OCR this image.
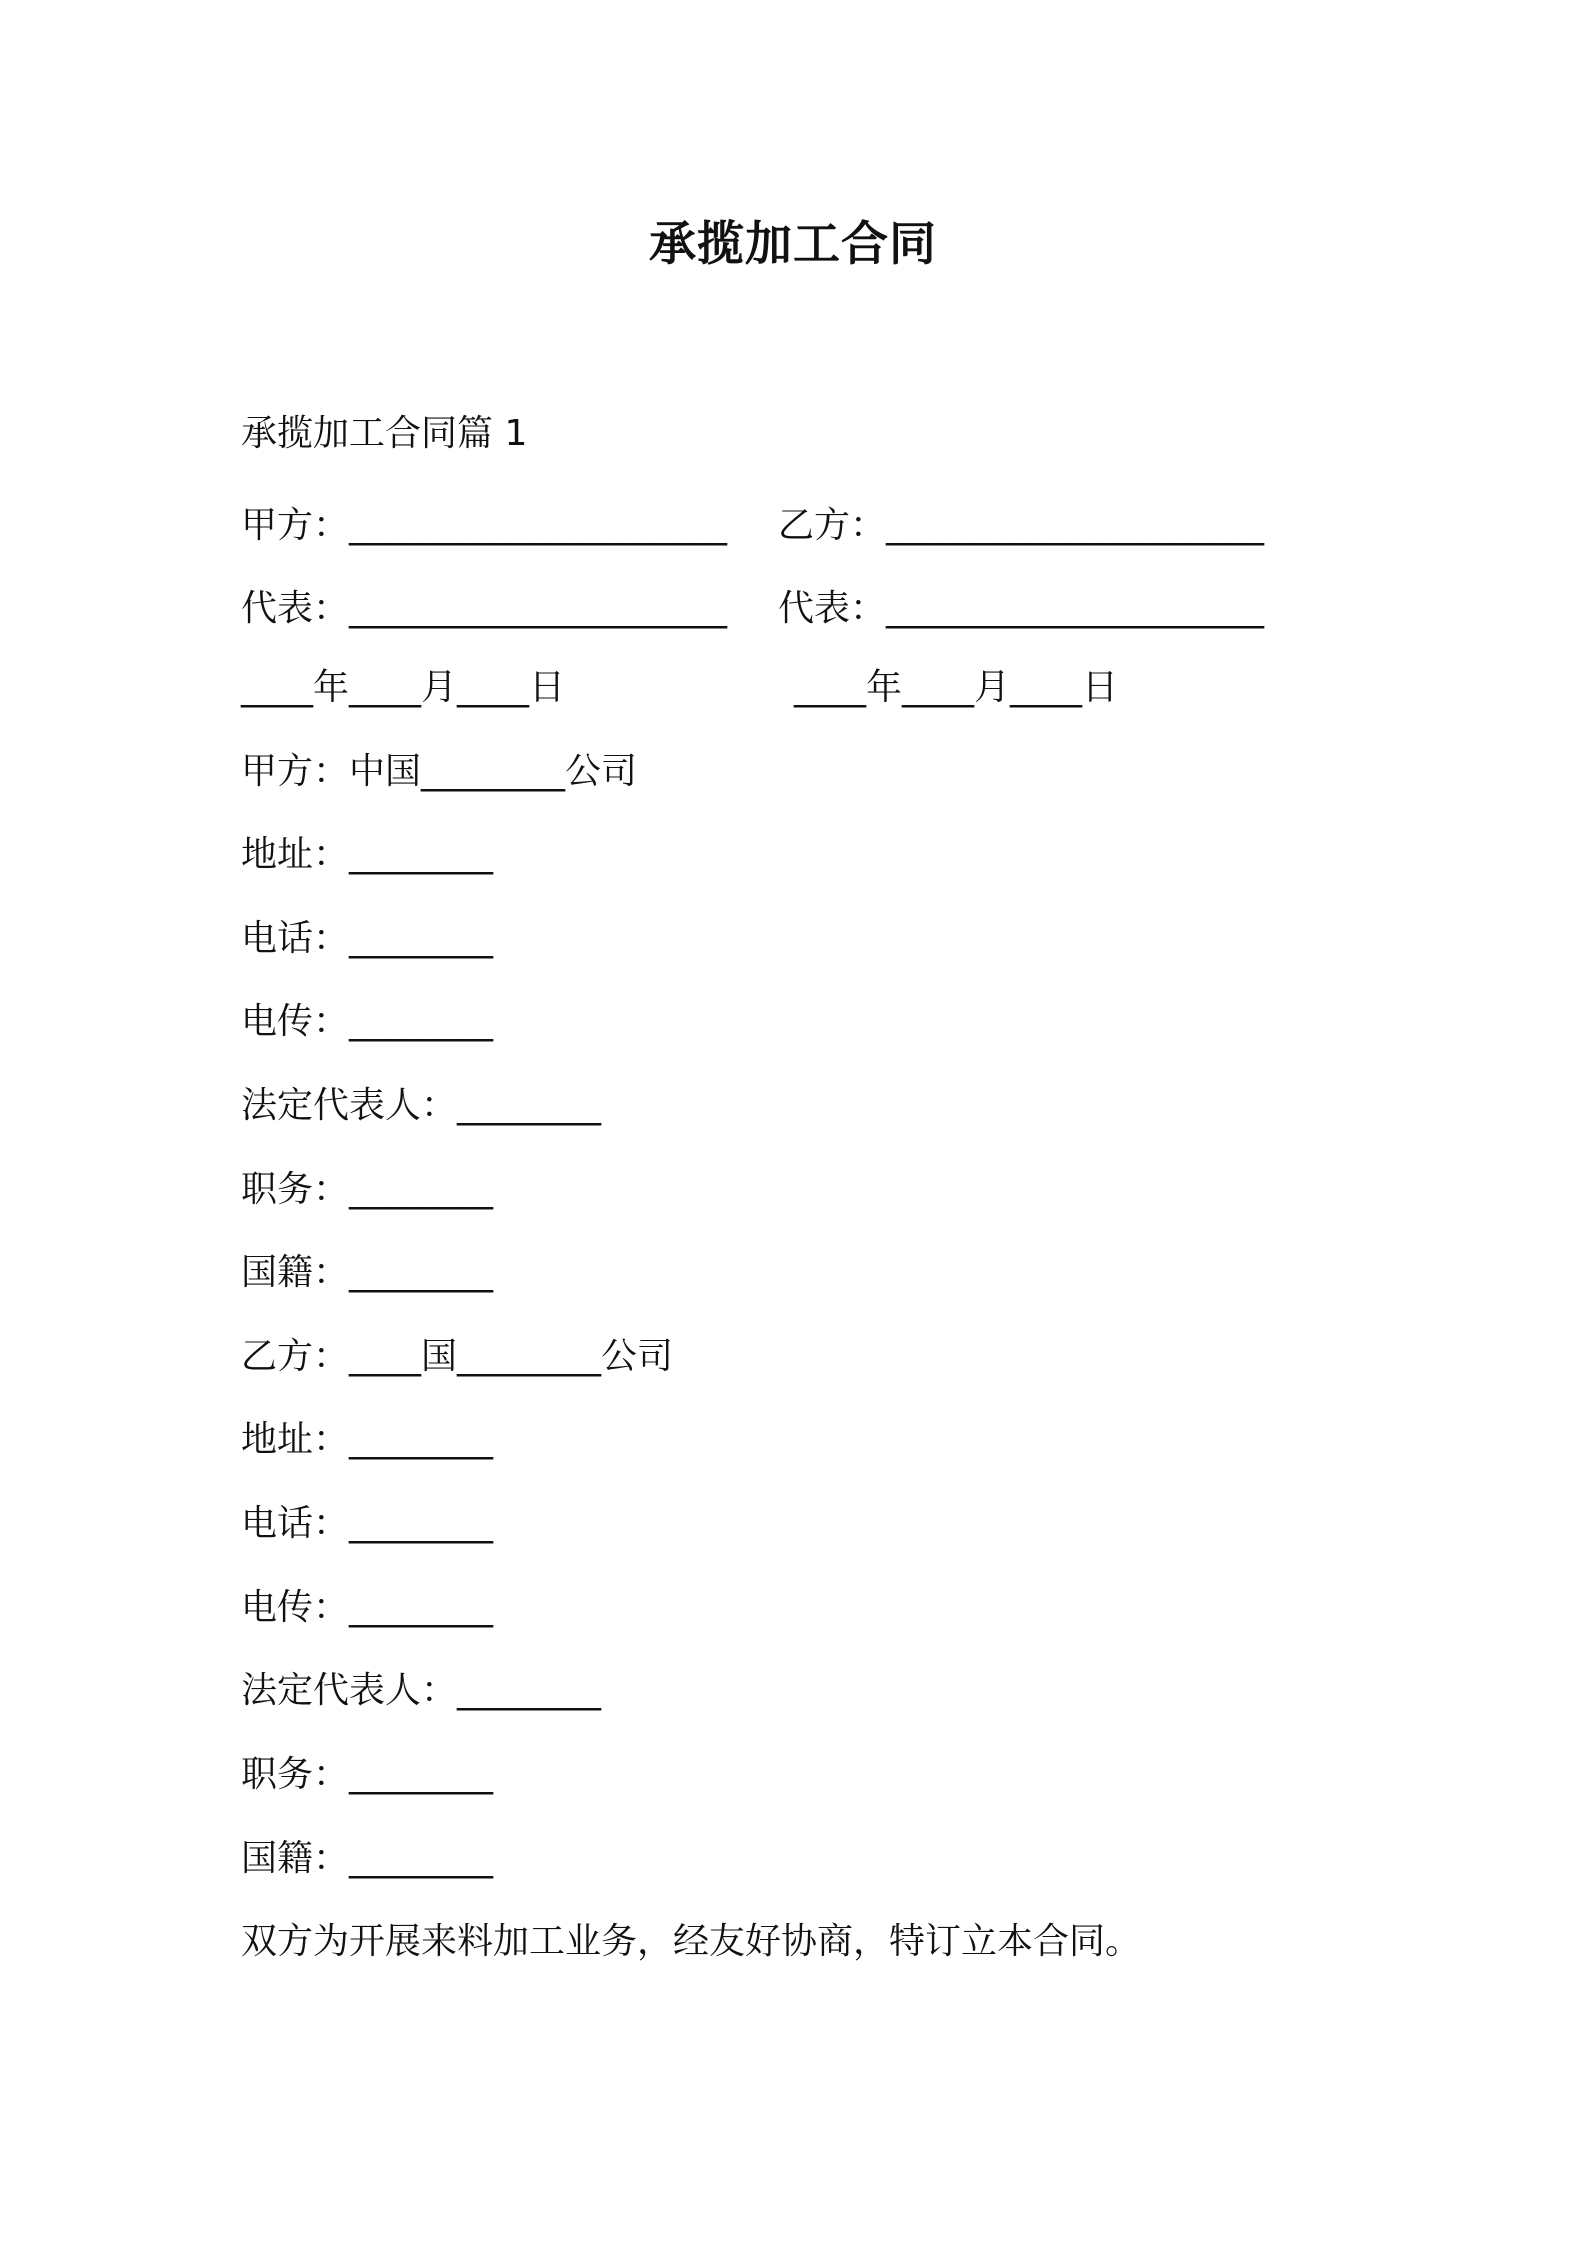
承揽加工合同
承揽加工合同篇 1
甲方：_____________________ 乙方：_____________________
代表：_____________________ 代表：_____________________
____年____月____日	____年____月____日
甲方：中国________公司
地址：________
电话：________
电传：________
法定代表人：________
职务：________
国籍：________
乙方：____国________公司
地址：________
电话：________
电传：________
法定代表人：________
职务：________
国籍：________
双方为开展来料加工业务，经友好协商，特订立本合同。
